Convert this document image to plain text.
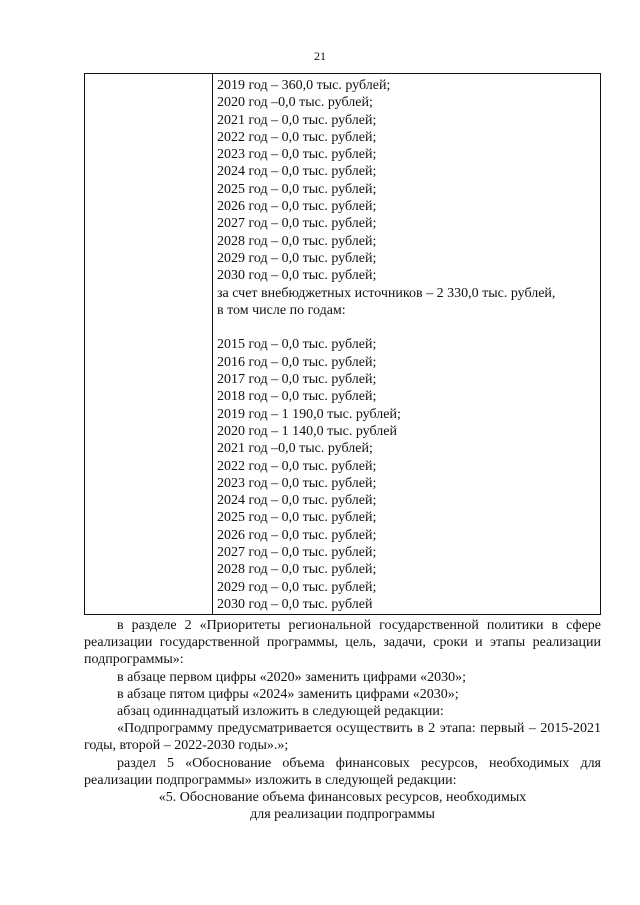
21
2019 год – 360,0 тыс. рублей;
2020 год –0,0 тыс. рублей;
2021 год – 0,0 тыс. рублей;
2022 год – 0,0 тыс. рублей;
2023 год – 0,0 тыс. рублей;
2024 год – 0,0 тыс. рублей;
2025 год – 0,0 тыс. рублей;
2026 год – 0,0 тыс. рублей;
2027 год – 0,0 тыс. рублей;
2028 год – 0,0 тыс. рублей;
2029 год – 0,0 тыс. рублей;
2030 год – 0,0 тыс. рублей;
за счет внебюджетных источников – 2 330,0 тыс. рублей,
в том числе по годам:
2015 год – 0,0 тыс. рублей;
2016 год – 0,0 тыс. рублей;
2017 год – 0,0 тыс. рублей;
2018 год – 0,0 тыс. рублей;
2019 год – 1 190,0 тыс. рублей;
2020 год – 1 140,0 тыс. рублей
2021 год –0,0 тыс. рублей;
2022 год – 0,0 тыс. рублей;
2023 год – 0,0 тыс. рублей;
2024 год – 0,0 тыс. рублей;
2025 год – 0,0 тыс. рублей;
2026 год – 0,0 тыс. рублей;
2027 год – 0,0 тыс. рублей;
2028 год – 0,0 тыс. рублей;
2029 год – 0,0 тыс. рублей;
2030 год – 0,0 тыс. рублей
в разделе 2 «Приоритеты региональной государственной политики в сфере реализации государственной программы, цель, задачи, сроки и этапы реализации подпрограммы»:
в абзаце первом цифры «2020» заменить цифрами «2030»;
в абзаце пятом цифры «2024» заменить цифрами «2030»;
абзац одиннадцатый изложить в следующей редакции:
«Подпрограмму предусматривается осуществить в 2 этапа: первый – 2015-2021 годы, второй – 2022-2030 годы».»;
раздел 5 «Обоснование объема финансовых ресурсов, необходимых для реализации подпрограммы» изложить в следующей редакции:
«5. Обоснование объема финансовых ресурсов, необходимых
для реализации подпрограммы
